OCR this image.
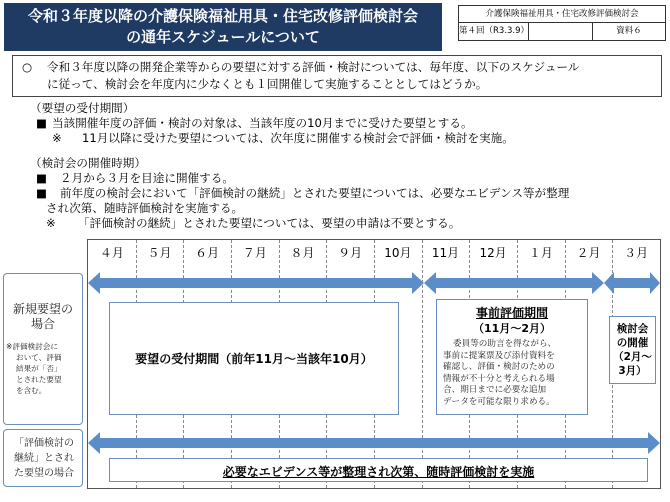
令和３年度以降の介護保険福祉用具・住宅改修評価検討会
の通年スケジュールについて
介護保険福祉用具・住宅改修評価検討会
第４回（R3.3.9）	資料６
○ 令和３年度以降の開発企業等からの要望に対する評価・検討については、毎年度、以下のスケジュール
に従って、検討会を年度内に少なくとも１回開催して実施することとしてはどうか。
（要望の受付期間）
■ 当該開催年度の評価・検討の対象は、当該年度の10月までに受けた要望とする。
※ 11月以降に受けた要望については、次年度に開催する検討会で評価・検討を実施。
（検討会の開催時期）
■ ２月から３月を目途に開催する。
■ 前年度の検討会において「評価検討の継続」とされた要望については、必要なエビデンス等が整理
され次第、随時評価検討を実施する。
※ 「評価検討の継続」とされた要望については、要望の申請は不要とする。
４月	５月	６月	７月	８月	９月	10月	11月	12月	１月	２月	３月
新規要望の
場合
※評価検討会に
おいて、評価
結果が「否」
とされた要望
を含む。
「評価検討の
継続」とされ
た要望の場合
要望の受付期間（前年11月～当該年10月）
事前評価期間
（11月～2月）
委員等の助言を得ながら、
事前に提案票及び添付資料を
確認し、評価・検討のための
情報が不十分と考えられる場
合、期日までに必要な追加
データを可能な限り求める。
検討会
の開催
（2月～
3月）
必要なエビデンス等が整理され次第、随時評価検討を実施
